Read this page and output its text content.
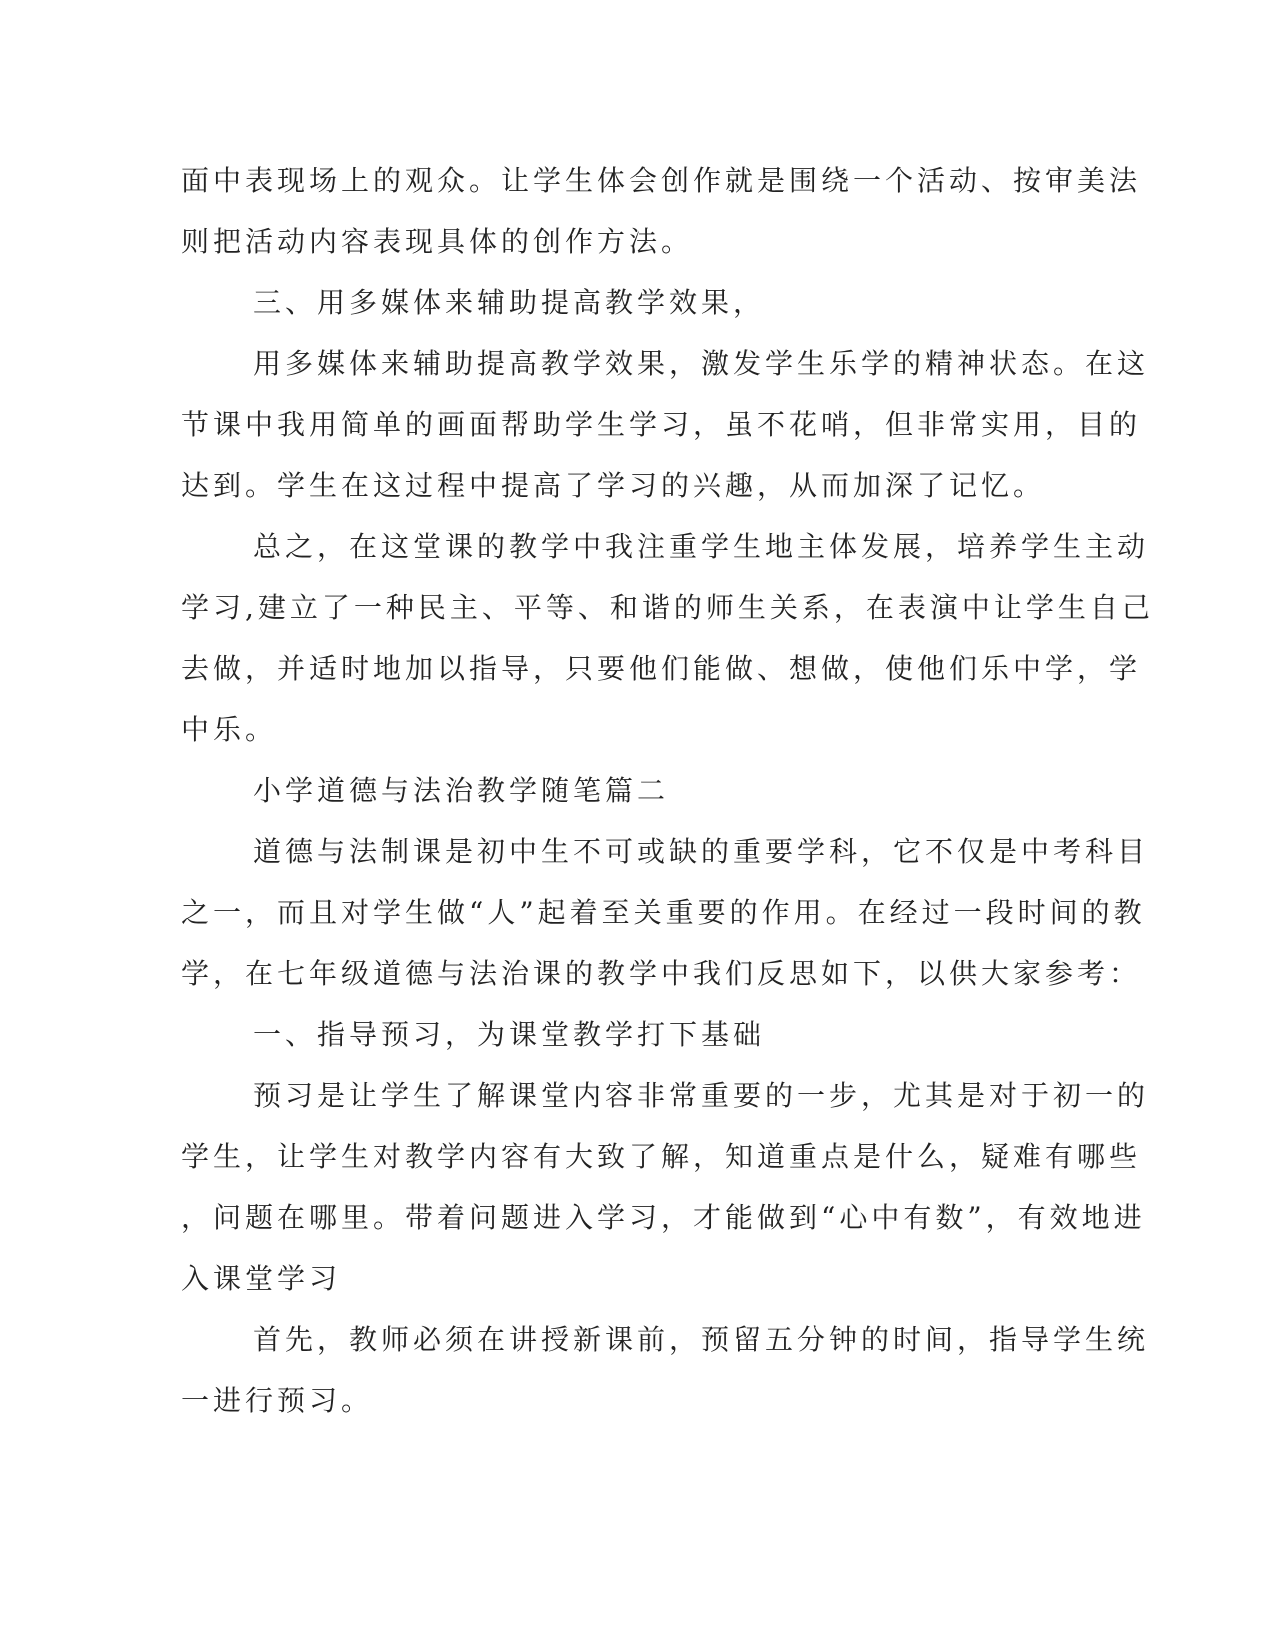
面中表现场上的观众。让学生体会创作就是围绕一个活动、按审美法
则把活动内容表现具体的创作方法。
三、用多媒体来辅助提高教学效果，
用多媒体来辅助提高教学效果，激发学生乐学的精神状态。在这
节课中我用简单的画面帮助学生学习，虽不花哨，但非常实用，目的
达到。学生在这过程中提高了学习的兴趣，从而加深了记忆。
总之，在这堂课的教学中我注重学生地主体发展，培养学生主动
学习,建立了一种民主、平等、和谐的师生关系，在表演中让学生自己
去做，并适时地加以指导，只要他们能做、想做，使他们乐中学，学
中乐。
小学道德与法治教学随笔篇二
道德与法制课是初中生不可或缺的重要学科，它不仅是中考科目
之一，而且对学生做“人”起着至关重要的作用。在经过一段时间的教
学，在七年级道德与法治课的教学中我们反思如下，以供大家参考：
一、指导预习，为课堂教学打下基础
预习是让学生了解课堂内容非常重要的一步，尤其是对于初一的
学生，让学生对教学内容有大致了解，知道重点是什么，疑难有哪些
，问题在哪里。带着问题进入学习，才能做到“心中有数”，有效地进
入课堂学习
首先，教师必须在讲授新课前，预留五分钟的时间，指导学生统
一进行预习。
